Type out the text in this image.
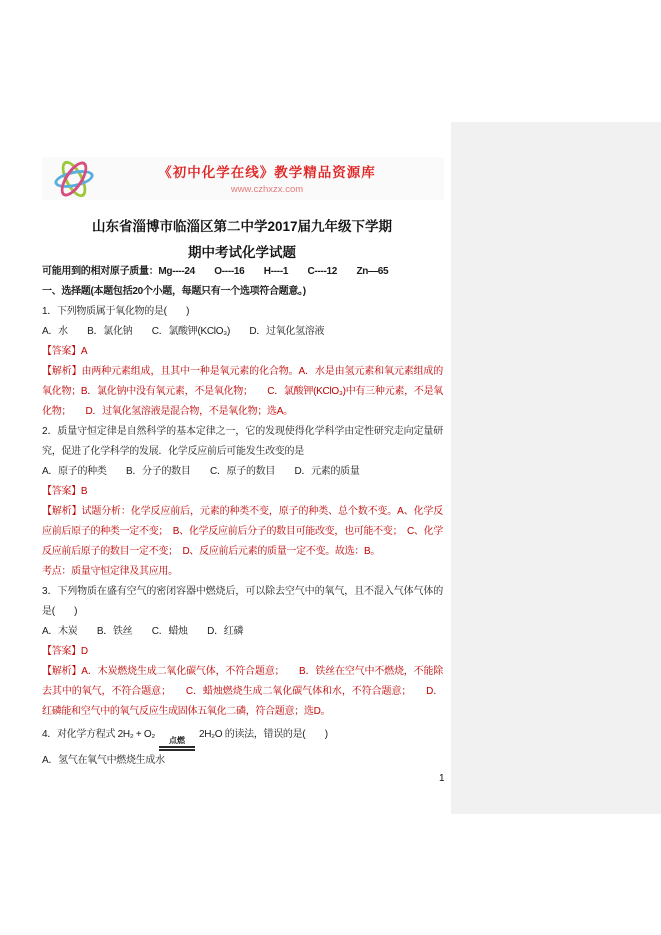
《初中化学在线》教学精品资源库
www.czhxzx.com
山东省淄博市临淄区第二中学2017届九年级下学期
期中考试化学试题

可能用到的相对原子质量：Mg----24　　O----16　　H----1　　C----12　　Zn—65

一、选择题(本题包括20个小题，每题只有一个选项符合题意。)

1．下列物质属于氧化物的是(　　)

A．水　　B．氯化钠　　C．氯酸钾(KClO₃)　　D．过氧化氢溶液

【答案】A

【解析】由两种元素组成，且其中一种是氧元素的化合物。A．水是由氢元素和氧元素组成的氧化物；B．氯化钠中没有氧元素，不是氧化物；　　C．氯酸钾(KClO₃)中有三种元素，不是氧化物；　　D．过氧化氢溶液是混合物，不是氧化物；选A。

2．质量守恒定律是自然科学的基本定律之一，它的发现使得化学科学由定性研究走向定量研究，促进了化学科学的发展．化学反应前后可能发生改变的是

A．原子的种类　　B．分子的数目　　C．原子的数目　　D．元素的质量

【答案】B

【解析】试题分析：化学反应前后，元素的种类不变，原子的种类、总个数不变。A、化学反应前后原子的种类一定不变；　B、化学反应前后分子的数目可能改变，也可能不变；　C、化学反应前后原子的数目一定不变；　D、反应前后元素的质量一定不变。故选：B。

考点：质量守恒定律及其应用。

3．下列物质在盛有空气的密闭容器中燃烧后，可以除去空气中的氧气，且不混入气体气体的是(　　)

A．木炭　　B．铁丝　　C．蜡烛　　D．红磷

【答案】D

【解析】A．木炭燃烧生成二氧化碳气体，不符合题意；　　B．铁丝在空气中不燃烧，不能除去其中的氧气，不符合题意；　　C．蜡烛燃烧生成二氧化碳气体和水，不符合题意；　　D．红磷能和空气中的氧气反应生成固体五氧化二磷，符合题意；选D。

4．对化学方程式 2H₂ + O₂
点燃
2H₂O 的读法，错误的是(　　)

A．氢气在氧气中燃烧生成水

1
